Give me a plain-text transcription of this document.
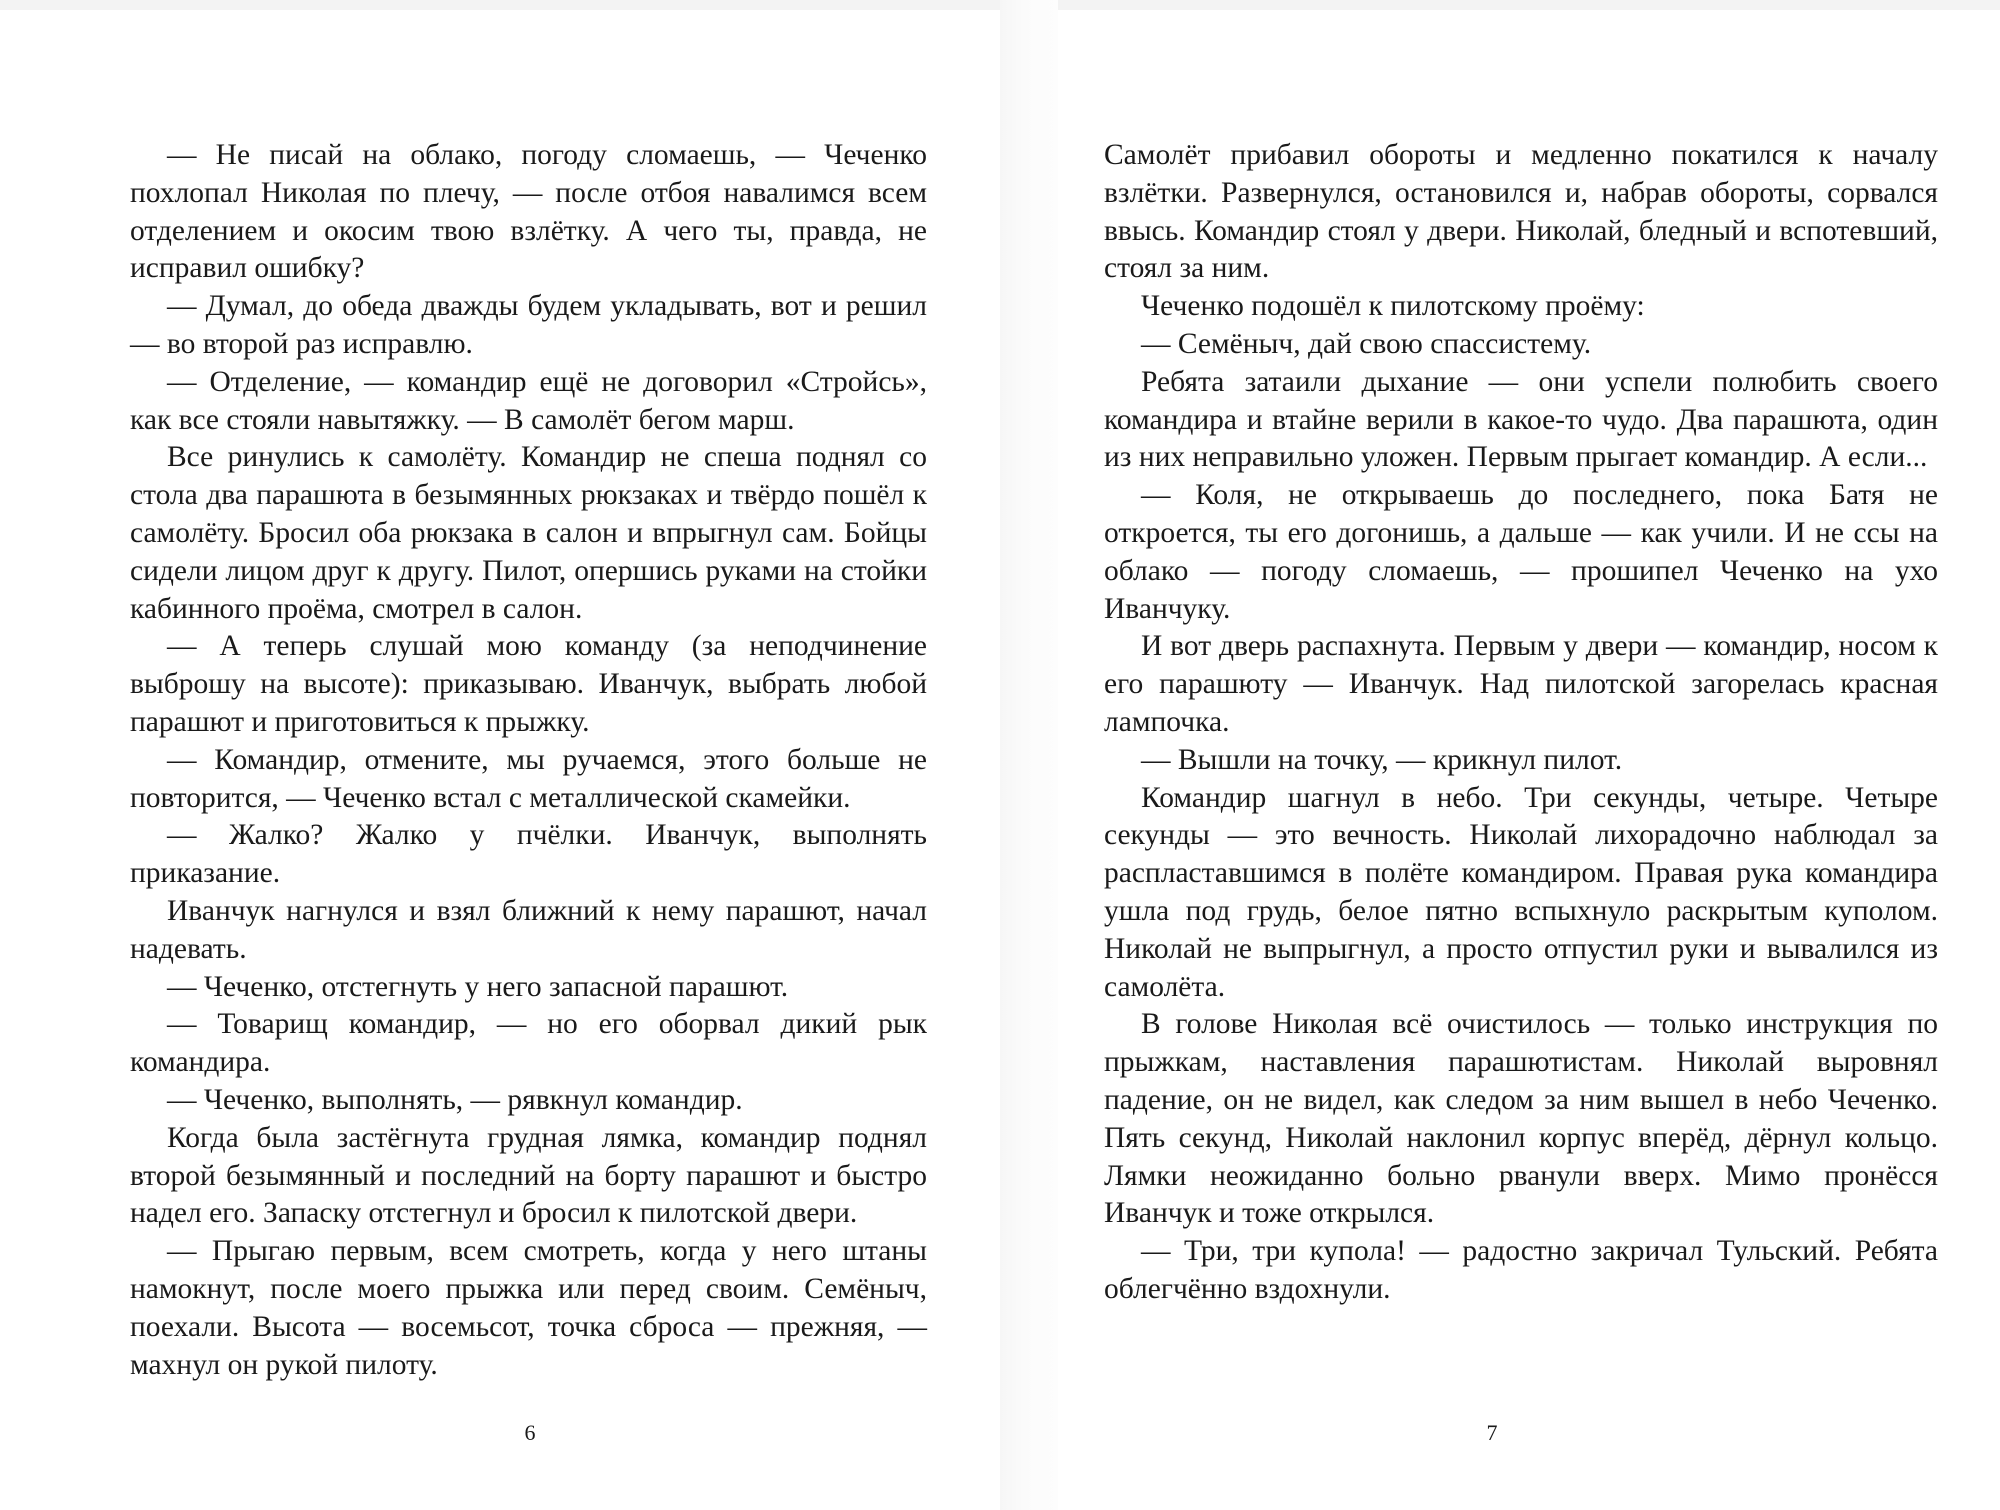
— Не писай на облако, погоду сломаешь, — Чеченко похлопал Николая по плечу, — после отбоя навалимся всем отделением и окосим твою взлётку. А чего ты, правда, не исправил ошибку?

— Думал, до обеда дважды будем укладывать, вот и решил — во второй раз исправлю.

— Отделение, — командир ещё не договорил «Стройсь», как все стояли навытяжку. — В самолёт бегом марш.

Все ринулись к самолёту. Командир не спеша поднял со стола два парашюта в безымянных рюкзаках и твёрдо пошёл к самолёту. Бросил оба рюкзака в салон и впрыгнул сам. Бойцы сидели лицом друг к другу. Пилот, опершись руками на стойки кабинного проёма, смотрел в салон.

— А теперь слушай мою команду (за неподчинение выброшу на высоте): приказываю. Иванчук, выбрать любой парашют и приготовиться к прыжку.

— Командир, отмените, мы ручаемся, этого больше не повторится, — Чеченко встал с металлической скамейки.

— Жалко? Жалко у пчёлки. Иванчук, выполнять приказание.

Иванчук нагнулся и взял ближний к нему парашют, начал надевать.

— Чеченко, отстегнуть у него запасной парашют.

— Товарищ командир, — но его оборвал дикий рык командира.

— Чеченко, выполнять, — рявкнул командир.

Когда была застёгнута грудная лямка, командир поднял второй безымянный и последний на борту парашют и быстро надел его. Запаску отстегнул и бросил к пилотской двери.

— Прыгаю первым, всем смотреть, когда у него штаны намокнут, после моего прыжка или перед своим. Семёныч, поехали. Высота — восемьсот, точка сброса — прежняя, — махнул он рукой пилоту.

6

Самолёт прибавил обороты и медленно покатился к началу взлётки. Развернулся, остановился и, набрав обороты, сорвался ввысь. Командир стоял у двери. Николай, бледный и вспотевший, стоял за ним.

Чеченко подошёл к пилотскому проёму:

— Семёныч, дай свою спассистему.

Ребята затаили дыхание — они успели полюбить своего командира и втайне верили в какое-то чудо. Два парашюта, один из них неправильно уложен. Первым прыгает командир. А если...

— Коля, не открываешь до последнего, пока Батя не откроется, ты его догонишь, а дальше — как учили. И не ссы на облако — погоду сломаешь, — прошипел Чеченко на ухо Иванчуку.

И вот дверь распахнута. Первым у двери — командир, носом к его парашюту — Иванчук. Над пилотской загорелась красная лампочка.

— Вышли на точку, — крикнул пилот.

Командир шагнул в небо. Три секунды, четыре. Четыре секунды — это вечность. Николай лихорадочно наблюдал за распластавшимся в полёте командиром. Правая рука командира ушла под грудь, белое пятно вспыхнуло раскрытым куполом. Николай не выпрыгнул, а просто отпустил руки и вывалился из самолёта.

В голове Николая всё очистилось — только инструкция по прыжкам, наставления парашютистам. Николай выровнял падение, он не видел, как следом за ним вышел в небо Чеченко. Пять секунд, Николай наклонил корпус вперёд, дёрнул кольцо. Лямки неожиданно больно рванули вверх. Мимо пронёсся Иванчук и тоже открылся.

— Три, три купола! — радостно закричал Тульский. Ребята облегчённо вздохнули.

7
